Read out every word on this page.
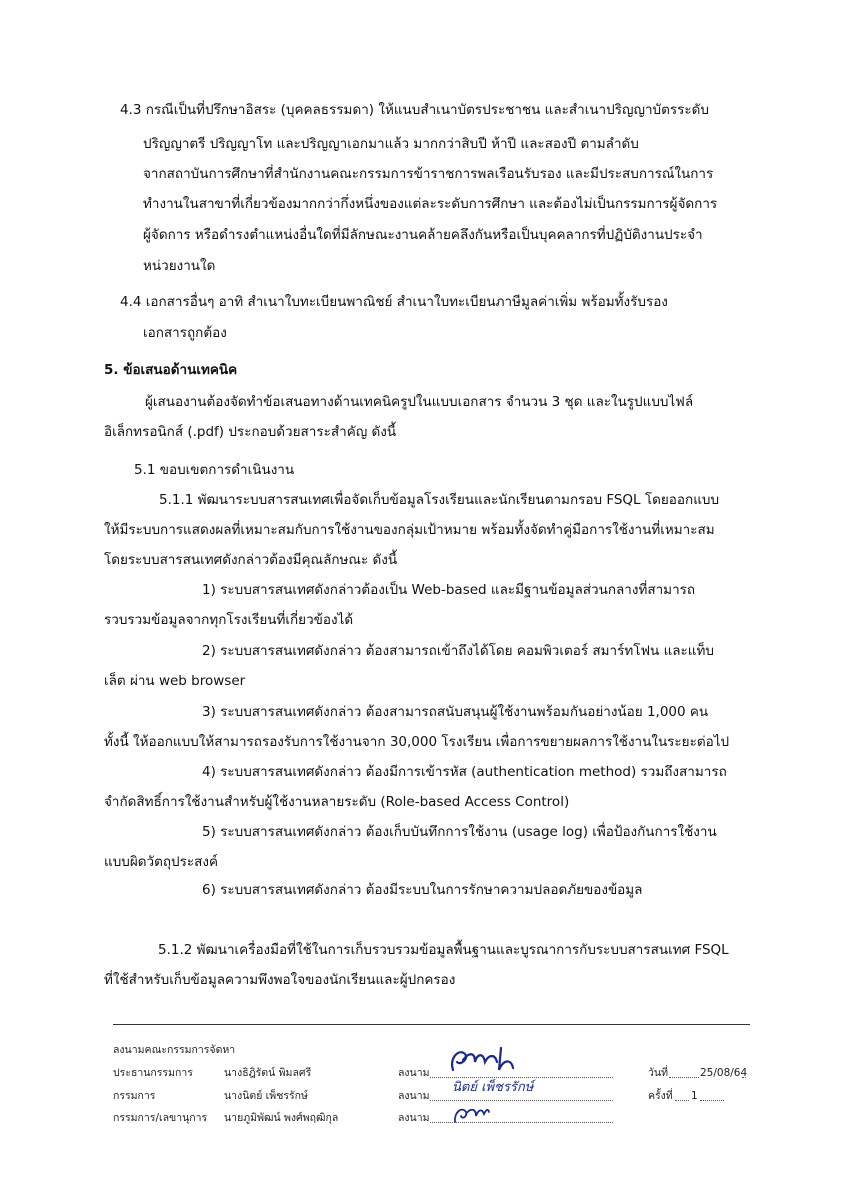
4.3 กรณีเป็นที่ปรึกษาอิสระ (บุคคลธรรมดา) ให้แนบสำเนาบัตรประชาชน และสำเนาปริญญาบัตรระดับ
ปริญญาตรี ปริญญาโท และปริญญาเอกมาแล้ว มากกว่าสิบปี ห้าปี และสองปี ตามลำดับ
จากสถาบันการศึกษาที่สำนักงานคณะกรรมการข้าราชการพลเรือนรับรอง และมีประสบการณ์ในการ
ทำงานในสาขาที่เกี่ยวข้องมากกว่ากึ่งหนึ่งของแต่ละระดับการศึกษา และต้องไม่เป็นกรรมการผู้จัดการ
ผู้จัดการ หรือดำรงตำแหน่งอื่นใดที่มีลักษณะงานคล้ายคลึงกันหรือเป็นบุคคลากรที่ปฏิบัติงานประจำ
หน่วยงานใด
4.4 เอกสารอื่นๆ อาทิ สำเนาใบทะเบียนพาณิชย์ สำเนาใบทะเบียนภาษีมูลค่าเพิ่ม พร้อมทั้งรับรอง
เอกสารถูกต้อง
5. ข้อเสนอด้านเทคนิค
ผู้เสนองานต้องจัดทำข้อเสนอทางด้านเทคนิครูปในแบบเอกสาร จำนวน 3 ชุด และในรูปแบบไฟล์
อิเล็กทรอนิกส์ (.pdf) ประกอบด้วยสาระสำคัญ ดังนี้
5.1 ขอบเขตการดำเนินงาน
5.1.1 พัฒนาระบบสารสนเทศเพื่อจัดเก็บข้อมูลโรงเรียนและนักเรียนตามกรอบ FSQL โดยออกแบบ
ให้มีระบบการแสดงผลที่เหมาะสมกับการใช้งานของกลุ่มเป้าหมาย พร้อมทั้งจัดทำคู่มือการใช้งานที่เหมาะสม
โดยระบบสารสนเทศดังกล่าวต้องมีคุณลักษณะ ดังนี้
1) ระบบสารสนเทศดังกล่าวต้องเป็น Web-based และมีฐานข้อมูลส่วนกลางที่สามารถ
รวบรวมข้อมูลจากทุกโรงเรียนที่เกี่ยวข้องได้
2) ระบบสารสนเทศดังกล่าว ต้องสามารถเข้าถึงได้โดย คอมพิวเตอร์ สมาร์ทโฟน และแท็บ
เล็ต ผ่าน web browser
3) ระบบสารสนเทศดังกล่าว ต้องสามารถสนับสนุนผู้ใช้งานพร้อมกันอย่างน้อย 1,000 คน
ทั้งนี้ ให้ออกแบบให้สามารถรองรับการใช้งานจาก 30,000 โรงเรียน เพื่อการขยายผลการใช้งานในระยะต่อไป
4) ระบบสารสนเทศดังกล่าว ต้องมีการเข้ารหัส (authentication method) รวมถึงสามารถ
จำกัดสิทธิ์การใช้งานสำหรับผู้ใช้งานหลายระดับ (Role-based Access Control)
5) ระบบสารสนเทศดังกล่าว ต้องเก็บบันทึกการใช้งาน (usage log) เพื่อป้องกันการใช้งาน
แบบผิดวัตถุประสงค์
6) ระบบสารสนเทศดังกล่าว ต้องมีระบบในการรักษาความปลอดภัยของข้อมูล
5.1.2 พัฒนาเครื่องมือที่ใช้ในการเก็บรวบรวมข้อมูลพื้นฐานและบูรณาการกับระบบสารสนเทศ FSQL
ที่ใช้สำหรับเก็บข้อมูลความพึงพอใจของนักเรียนและผู้ปกครอง
ลงนามคณะกรรมการจัดหา
ประธานกรรมการ	นางธิฎิรัตน์ พิมลศรี	ลงนาม	วันที่	25/08/64
กรรมการ	นางนิตย์ เพ็ชรรักษ์	ลงนาม	ครั้งที่ 1
กรรมการ/เลขานุการ นายภูมิพัฒน์ พงศ์พฤฒิกุล	ลงนาม
นิตย์ เพ็ชรรักษ์
